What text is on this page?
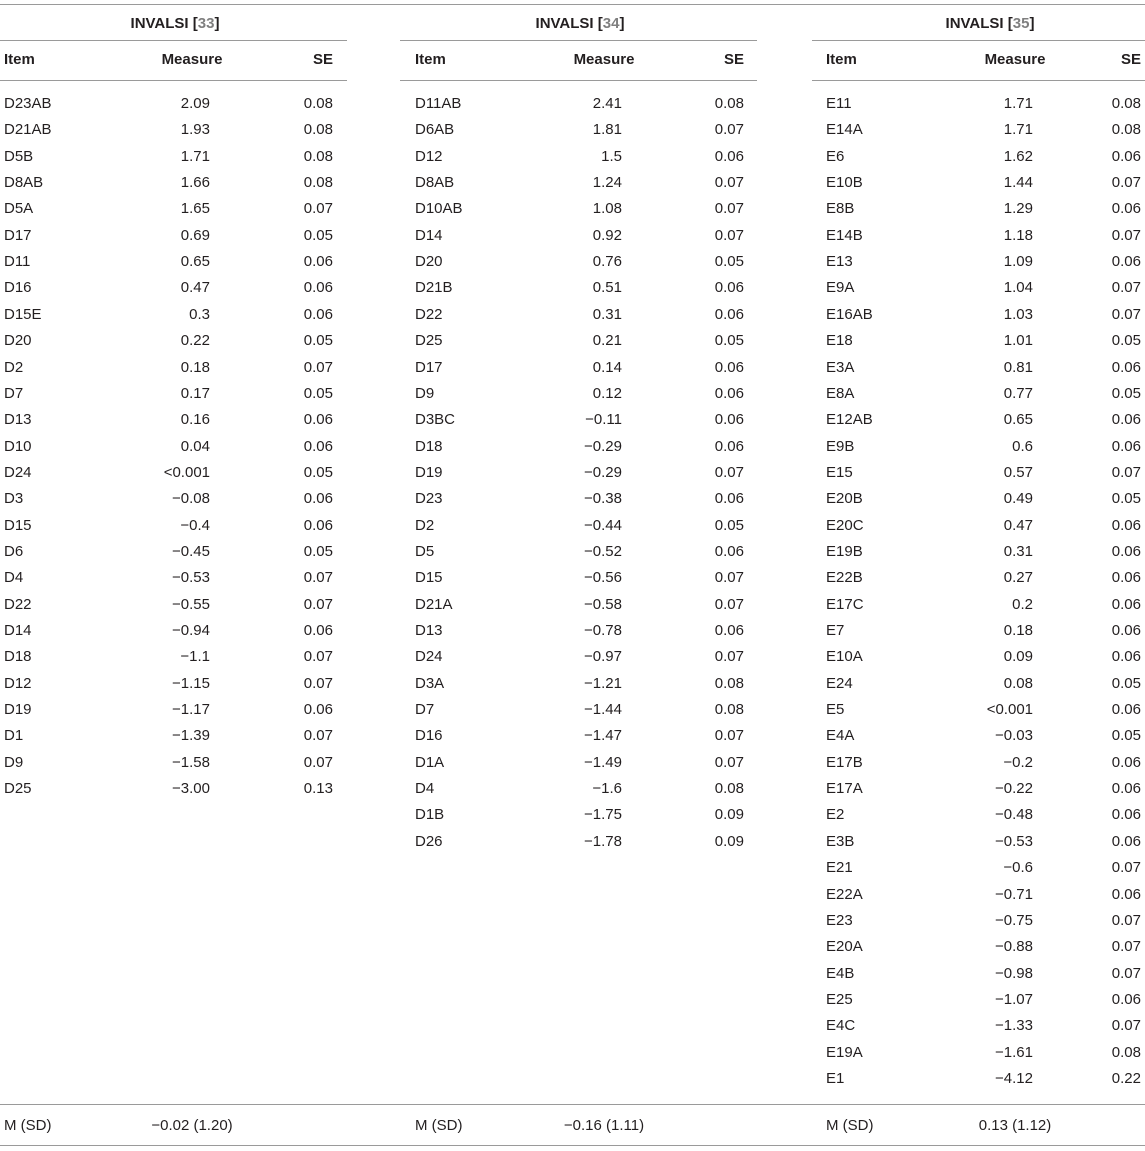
INVALSI [33]
Item	Measure	SE
D23AB	2.09	0.08
D21AB	1.93	0.08
D5B	1.71	0.08
D8AB	1.66	0.08
D5A	1.65	0.07
D17	0.69	0.05
D11	0.65	0.06
D16	0.47	0.06
D15E	0.3	0.06
D20	0.22	0.05
D2	0.18	0.07
D7	0.17	0.05
D13	0.16	0.06
D10	0.04	0.06
D24	<0.001	0.05
D3	−0.08	0.06
D15	−0.4	0.06
D6	−0.45	0.05
D4	−0.53	0.07
D22	−0.55	0.07
D14	−0.94	0.06
D18	−1.1	0.07
D12	−1.15	0.07
D19	−1.17	0.06
D1	−1.39	0.07
D9	−1.58	0.07
D25	−3.00	0.13
M (SD)	−0.02 (1.20)
INVALSI [34]
Item	Measure	SE
D11AB	2.41	0.08
D6AB	1.81	0.07
D12	1.5	0.06
D8AB	1.24	0.07
D10AB	1.08	0.07
D14	0.92	0.07
D20	0.76	0.05
D21B	0.51	0.06
D22	0.31	0.06
D25	0.21	0.05
D17	0.14	0.06
D9	0.12	0.06
D3BC	−0.11	0.06
D18	−0.29	0.06
D19	−0.29	0.07
D23	−0.38	0.06
D2	−0.44	0.05
D5	−0.52	0.06
D15	−0.56	0.07
D21A	−0.58	0.07
D13	−0.78	0.06
D24	−0.97	0.07
D3A	−1.21	0.08
D7	−1.44	0.08
D16	−1.47	0.07
D1A	−1.49	0.07
D4	−1.6	0.08
D1B	−1.75	0.09
D26	−1.78	0.09
M (SD)	−0.16 (1.11)
INVALSI [35]
Item	Measure	SE
E11	1.71	0.08
E14A	1.71	0.08
E6	1.62	0.06
E10B	1.44	0.07
E8B	1.29	0.06
E14B	1.18	0.07
E13	1.09	0.06
E9A	1.04	0.07
E16AB	1.03	0.07
E18	1.01	0.05
E3A	0.81	0.06
E8A	0.77	0.05
E12AB	0.65	0.06
E9B	0.6	0.06
E15	0.57	0.07
E20B	0.49	0.05
E20C	0.47	0.06
E19B	0.31	0.06
E22B	0.27	0.06
E17C	0.2	0.06
E7	0.18	0.06
E10A	0.09	0.06
E24	0.08	0.05
E5	<0.001	0.06
E4A	−0.03	0.05
E17B	−0.2	0.06
E17A	−0.22	0.06
E2	−0.48	0.06
E3B	−0.53	0.06
E21	−0.6	0.07
E22A	−0.71	0.06
E23	−0.75	0.07
E20A	−0.88	0.07
E4B	−0.98	0.07
E25	−1.07	0.06
E4C	−1.33	0.07
E19A	−1.61	0.08
E1	−4.12	0.22
M (SD)	0.13 (1.12)
